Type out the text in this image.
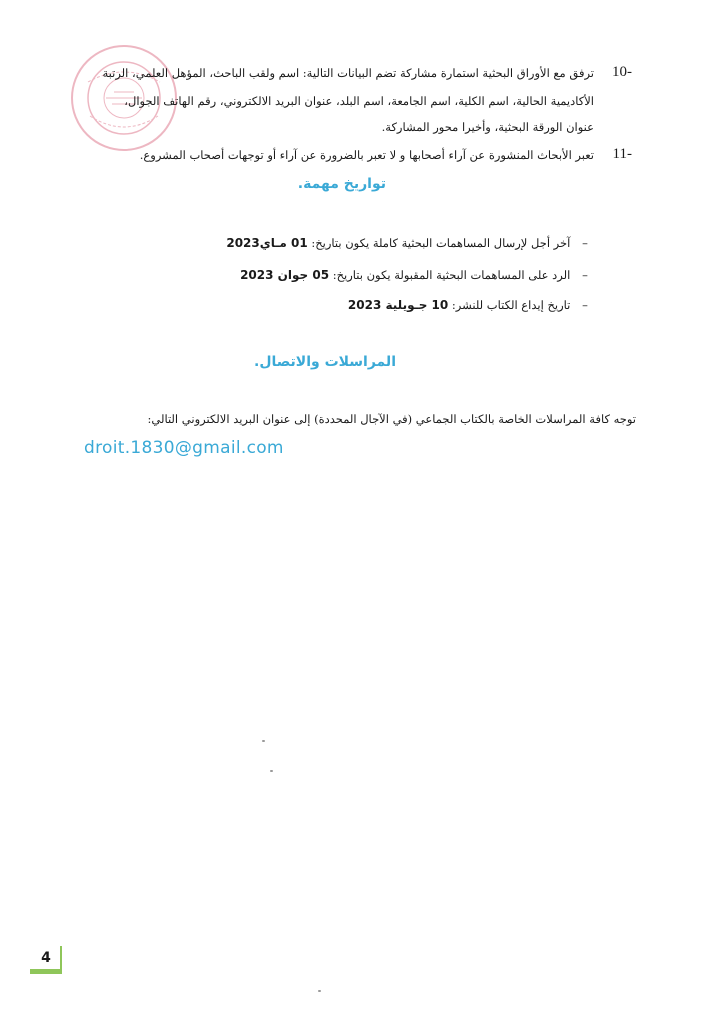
10-
ترفق مع الأوراق البحثية استمارة مشاركة تضم البيانات التالية: اسم ولقب الباحث، المؤهل العلمي، الرتبة
الأكاديمية الحالية، اسم الكلية، اسم الجامعة، اسم البلد، عنوان البريد الالكتروني، رقم الهاتف الجوال،
عنوان الورقة البحثية، وأخيرا محور المشاركة.
11-
تعبر الأبحاث المنشورة عن آراء أصحابها و لا تعبر بالضرورة عن آراء أو توجهات أصحاب المشروع.
تواريخ مهمة.
– آخر أجل لإرسال المساهمات البحثية كاملة يكون بتاريخ: 01 مـاي2023
– الرد على المساهمات البحثية المقبولة يكون بتاريخ: 05 جوان 2023
– تاريخ إيداع الكتاب للنشر: 10 جـويلية 2023
المراسلات والاتصال.
توجه كافة المراسلات الخاصة بالكتاب الجماعي (في الآجال المحددة) إلى عنوان البريد الالكتروني التالي:
droit.1830@gmail.com
4
